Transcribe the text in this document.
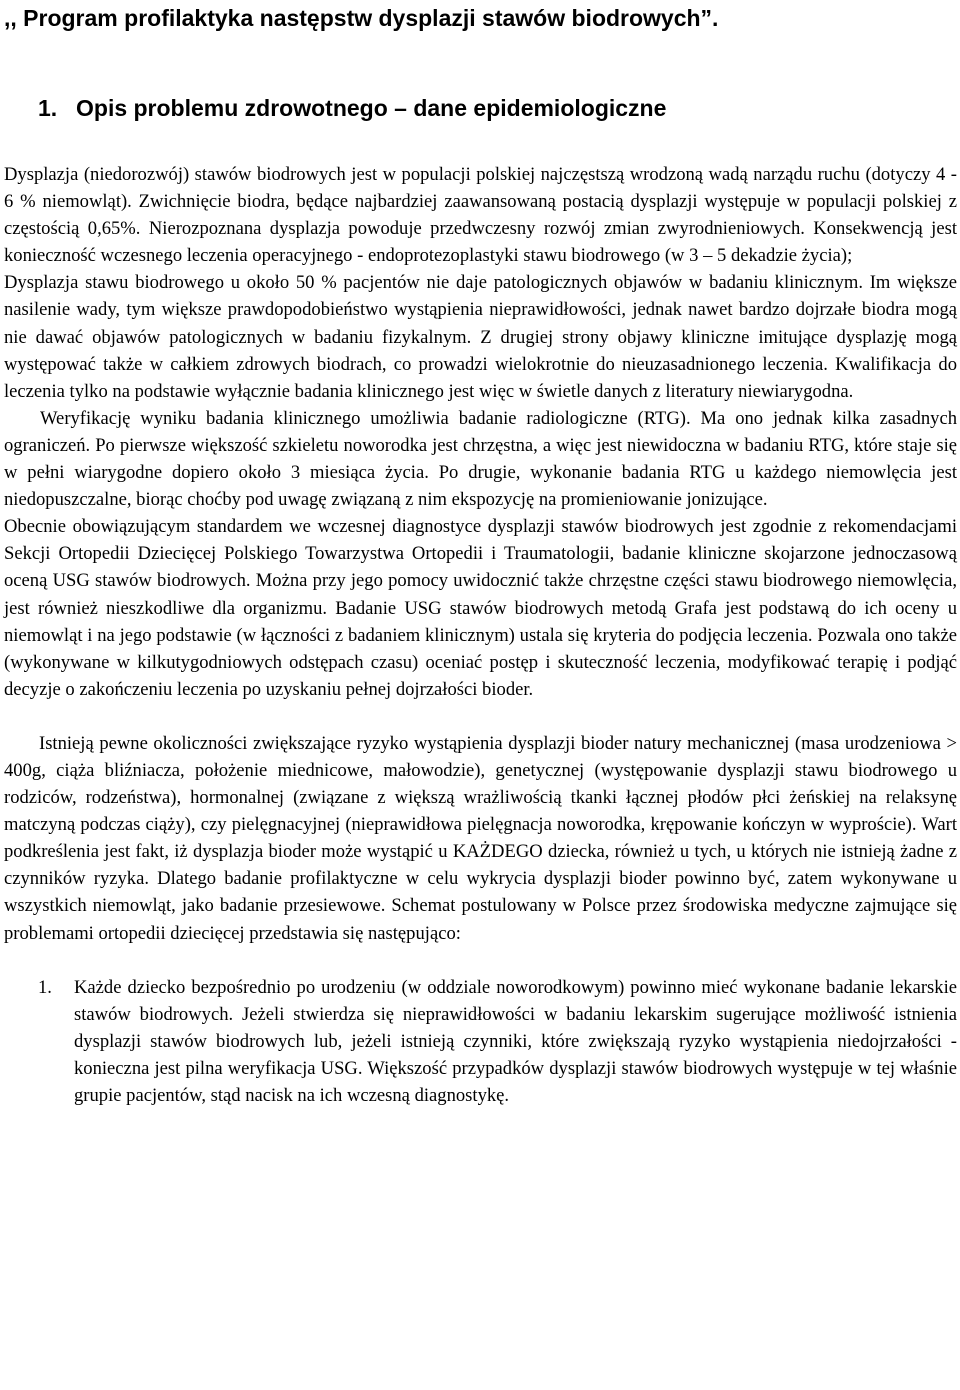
,, Program profilaktyka następstw dysplazji stawów biodrowych”.
1. Opis problemu zdrowotnego – dane epidemiologiczne

Dysplazja (niedorozwój) stawów biodrowych jest w populacji polskiej najczęstszą wrodzoną wadą narządu ruchu (dotyczy 4 - 6 % niemowląt). Zwichnięcie biodra, będące najbardziej zaawansowaną postacią dysplazji występuje w populacji polskiej z częstością 0,65%. Nierozpoznana dysplazja powoduje przedwczesny rozwój zmian zwyrodnieniowych. Konsekwencją jest konieczność wczesnego leczenia operacyjnego - endoprotezoplastyki stawu biodrowego (w 3 – 5 dekadzie życia);

Dysplazja stawu biodrowego u około 50 % pacjentów nie daje patologicznych objawów w badaniu klinicznym. Im większe nasilenie wady, tym większe prawdopodobieństwo wystąpienia nieprawidłowości, jednak nawet bardzo dojrzałe biodra mogą nie dawać objawów patologicznych w badaniu fizykalnym. Z drugiej strony objawy kliniczne imitujące dysplazję mogą występować także w całkiem zdrowych biodrach, co prowadzi wielokrotnie do nieuzasadnionego leczenia. Kwalifikacja do leczenia tylko na podstawie wyłącznie badania klinicznego jest więc w świetle danych z literatury niewiarygodna.

Weryfikację wyniku badania klinicznego umożliwia badanie radiologiczne (RTG). Ma ono jednak kilka zasadnych ograniczeń. Po pierwsze większość szkieletu noworodka jest chrzęstna, a więc jest niewidoczna w badaniu RTG, które staje się w pełni wiarygodne dopiero około 3 miesiąca życia. Po drugie, wykonanie badania RTG u każdego niemowlęcia jest niedopuszczalne, biorąc choćby pod uwagę związaną z nim ekspozycję na promieniowanie jonizujące.

Obecnie obowiązującym standardem we wczesnej diagnostyce dysplazji stawów biodrowych jest zgodnie z rekomendacjami Sekcji Ortopedii Dziecięcej Polskiego Towarzystwa Ortopedii i Traumatologii, badanie kliniczne skojarzone jednoczasową oceną USG stawów biodrowych. Można przy jego pomocy uwidocznić także chrzęstne części stawu biodrowego niemowlęcia, jest również nieszkodliwe dla organizmu. Badanie USG stawów biodrowych metodą Grafa jest podstawą do ich oceny u niemowląt i na jego podstawie (w łączności z badaniem klinicznym) ustala się kryteria do podjęcia leczenia. Pozwala ono także (wykonywane w kilkutygodniowych odstępach czasu) oceniać postęp i skuteczność leczenia, modyfikować terapię i podjąć decyzje o zakończeniu leczenia po uzyskaniu pełnej dojrzałości bioder.

Istnieją pewne okoliczności zwiększające ryzyko wystąpienia dysplazji bioder natury mechanicznej (masa urodzeniowa > 400g, ciąża bliźniacza, położenie miednicowe, małowodzie), genetycznej (występowanie dysplazji stawu biodrowego u rodziców, rodzeństwa), hormonalnej (związane z większą wrażliwością tkanki łącznej płodów płci żeńskiej na relaksynę matczyną podczas ciąży), czy pielęgnacyjnej (nieprawidłowa pielęgnacja noworodka, krępowanie kończyn w wyproście). Wart podkreślenia jest fakt, iż dysplazja bioder może wystąpić u KAŻDEGO dziecka, również u tych, u których nie istnieją żadne z czynników ryzyka. Dlatego badanie profilaktyczne w celu wykrycia dysplazji bioder powinno być, zatem wykonywane u wszystkich niemowląt, jako badanie przesiewowe. Schemat postulowany w Polsce przez środowiska medyczne zajmujące się problemami ortopedii dziecięcej przedstawia się następująco:

1. Każde dziecko bezpośrednio po urodzeniu (w oddziale noworodkowym) powinno mieć wykonane badanie lekarskie stawów biodrowych. Jeżeli stwierdza się nieprawidłowości w badaniu lekarskim sugerujące możliwość istnienia dysplazji stawów biodrowych lub, jeżeli istnieją czynniki, które zwiększają ryzyko wystąpienia niedojrzałości - konieczna jest pilna weryfikacja USG. Większość przypadków dysplazji stawów biodrowych występuje w tej właśnie grupie pacjentów, stąd nacisk na ich wczesną diagnostykę.
